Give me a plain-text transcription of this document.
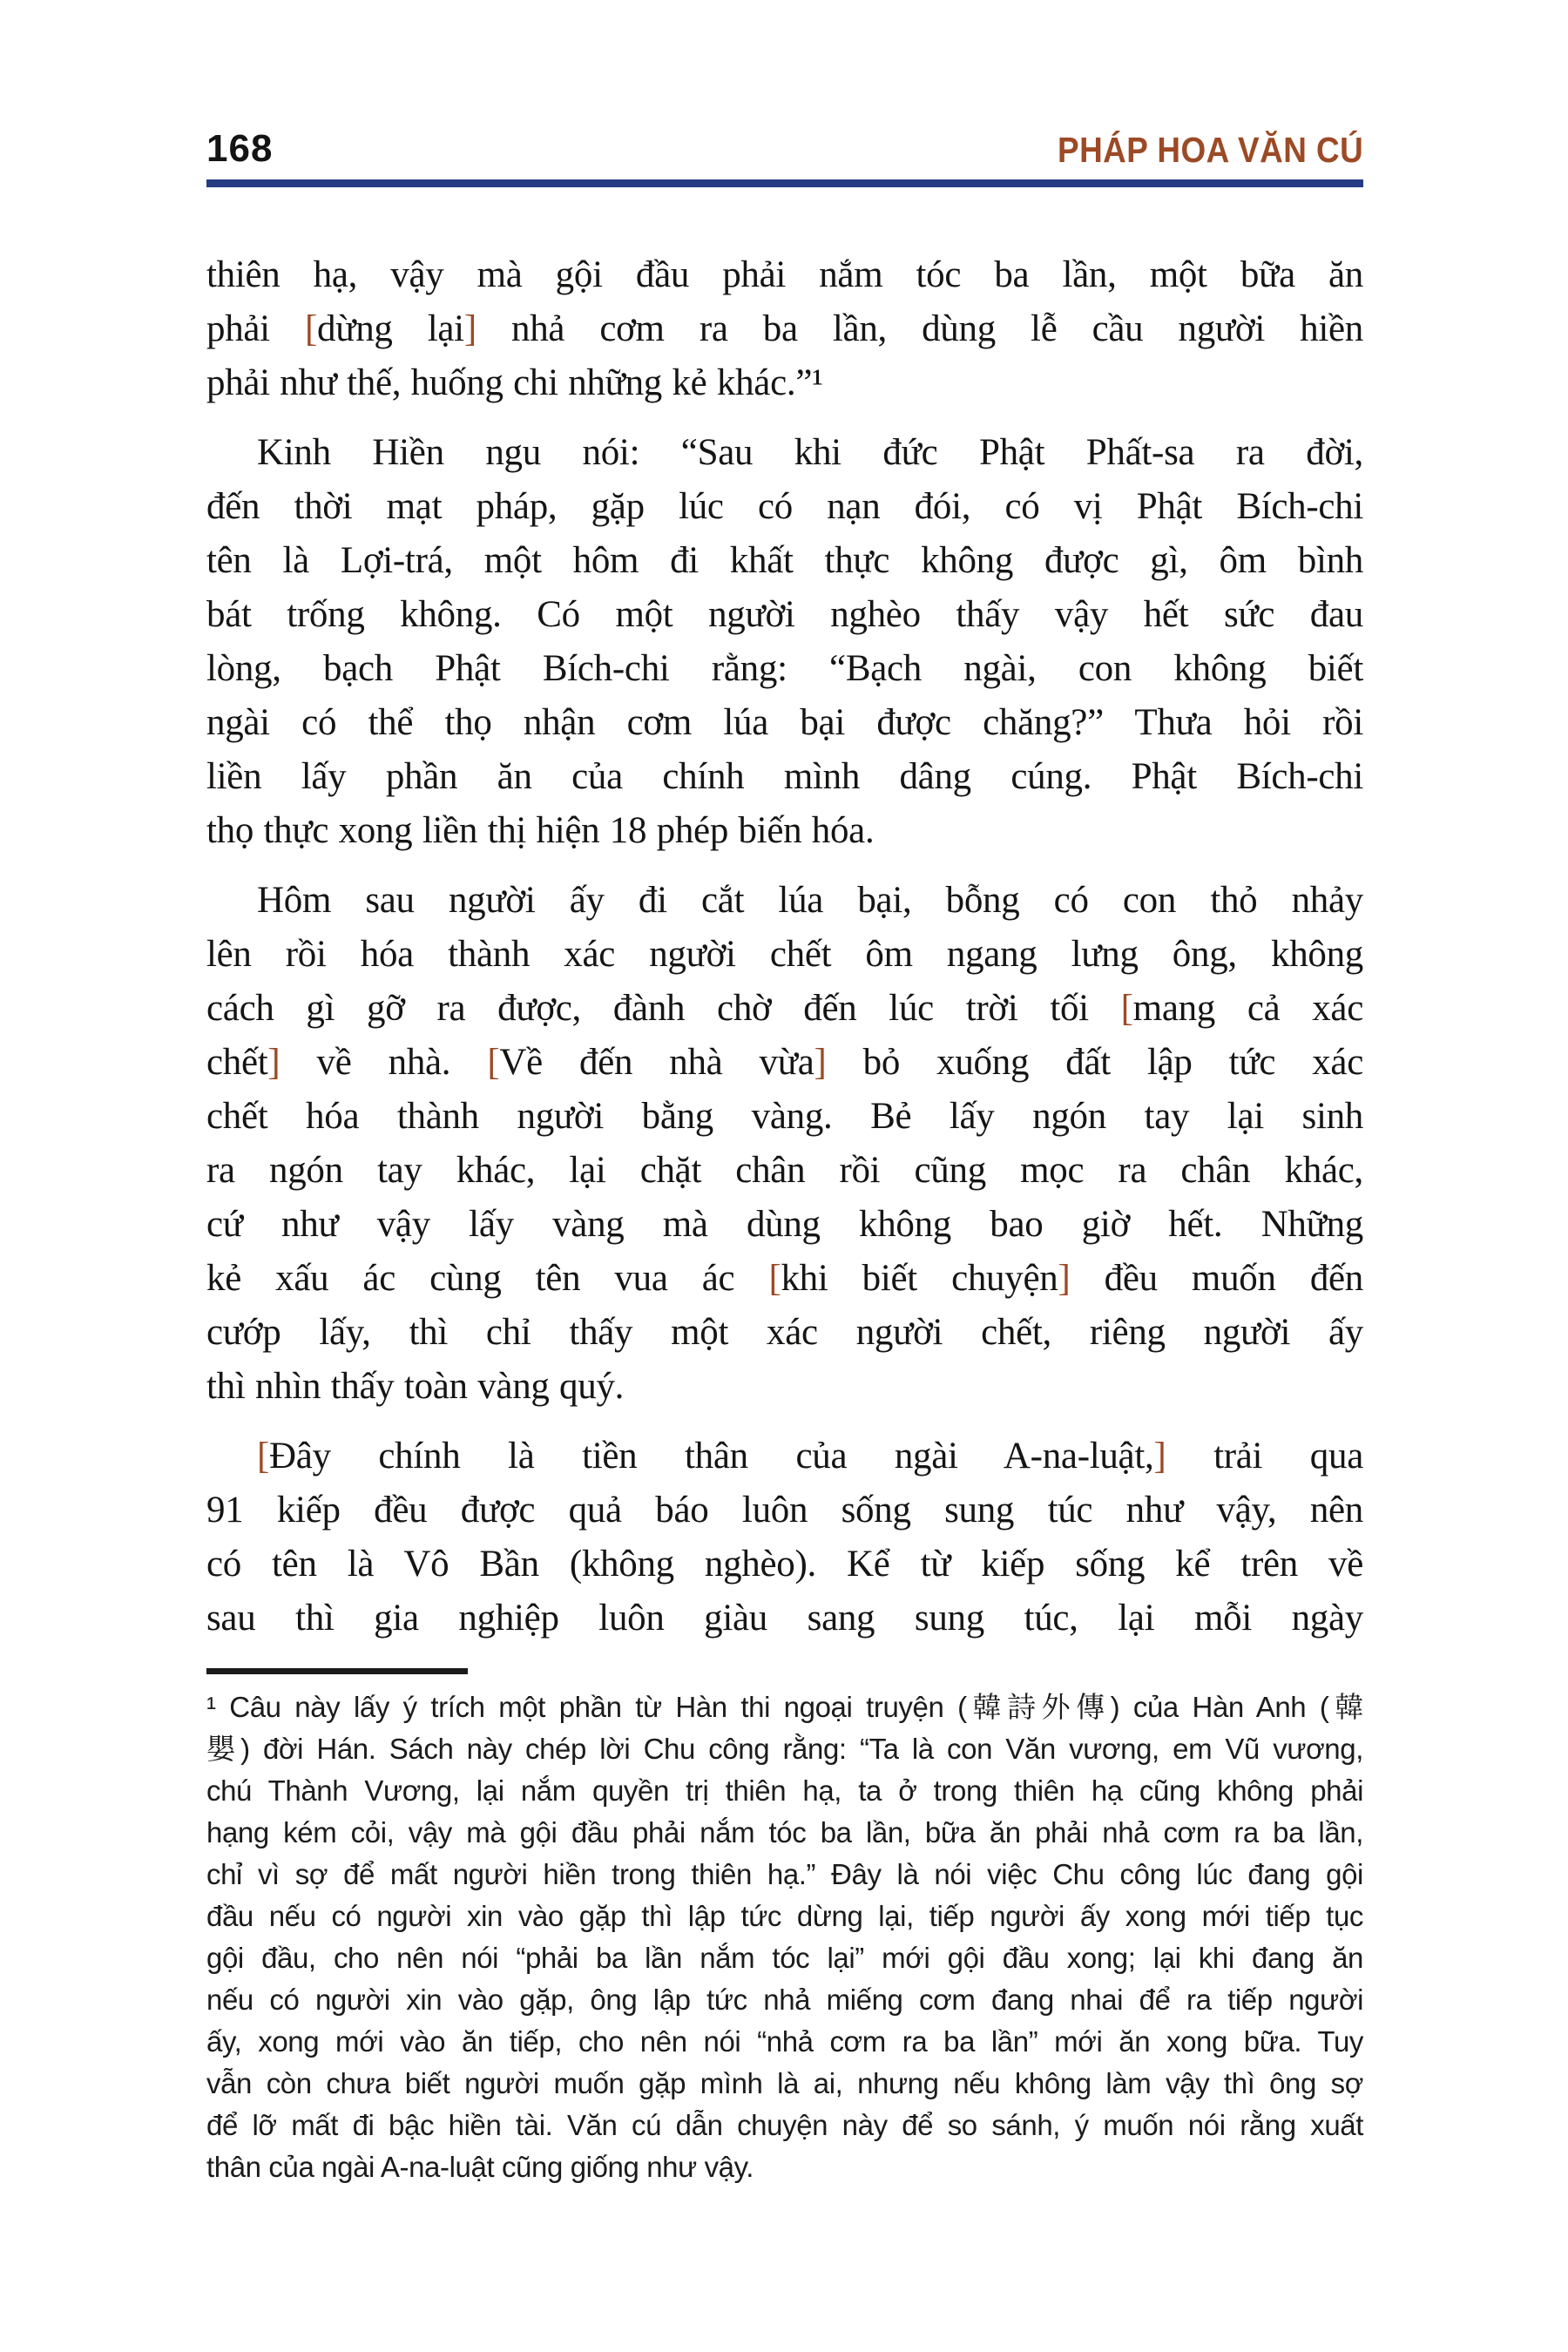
168	PHÁP HOA VĂN CÚ
thiên hạ, vậy mà gội đầu phải nắm tóc ba lần, một bữa ăn
phải [dừng lại] nhả cơm ra ba lần, dùng lễ cầu người hiền
phải như thế, huống chi những kẻ khác.”¹
Kinh Hiền ngu nói: “Sau khi đức Phật Phất-sa ra đời,
đến thời mạt pháp, gặp lúc có nạn đói, có vị Phật Bích-chi
tên là Lợi-trá, một hôm đi khất thực không được gì, ôm bình
bát trống không. Có một người nghèo thấy vậy hết sức đau
lòng, bạch Phật Bích-chi rằng: “Bạch ngài, con không biết
ngài có thể thọ nhận cơm lúa bại được chăng?” Thưa hỏi rồi
liền lấy phần ăn của chính mình dâng cúng. Phật Bích-chi
thọ thực xong liền thị hiện 18 phép biến hóa.
Hôm sau người ấy đi cắt lúa bại, bỗng có con thỏ nhảy
lên rồi hóa thành xác người chết ôm ngang lưng ông, không
cách gì gỡ ra được, đành chờ đến lúc trời tối [mang cả xác
chết] về nhà. [Về đến nhà vừa] bỏ xuống đất lập tức xác
chết hóa thành người bằng vàng. Bẻ lấy ngón tay lại sinh
ra ngón tay khác, lại chặt chân rồi cũng mọc ra chân khác,
cứ như vậy lấy vàng mà dùng không bao giờ hết. Những
kẻ xấu ác cùng tên vua ác [khi biết chuyện] đều muốn đến
cướp lấy, thì chỉ thấy một xác người chết, riêng người ấy
thì nhìn thấy toàn vàng quý.
[Đây chính là tiền thân của ngài A-na-luật,] trải qua
91 kiếp đều được quả báo luôn sống sung túc như vậy, nên
có tên là Vô Bần (không nghèo). Kể từ kiếp sống kể trên về
sau thì gia nghiệp luôn giàu sang sung túc, lại mỗi ngày
¹ Câu này lấy ý trích một phần từ Hàn thi ngoại truyện (韓詩外傳) của Hàn Anh (韓
嬰) đời Hán. Sách này chép lời Chu công rằng: “Ta là con Văn vương, em Vũ vương,
chú Thành Vương, lại nắm quyền trị thiên hạ, ta ở trong thiên hạ cũng không phải
hạng kém cỏi, vậy mà gội đầu phải nắm tóc ba lần, bữa ăn phải nhả cơm ra ba lần,
chỉ vì sợ để mất người hiền trong thiên hạ.” Đây là nói việc Chu công lúc đang gội
đầu nếu có người xin vào gặp thì lập tức dừng lại, tiếp người ấy xong mới tiếp tục
gội đầu, cho nên nói “phải ba lần nắm tóc lại” mới gội đầu xong; lại khi đang ăn
nếu có người xin vào gặp, ông lập tức nhả miếng cơm đang nhai để ra tiếp người
ấy, xong mới vào ăn tiếp, cho nên nói “nhả cơm ra ba lần” mới ăn xong bữa. Tuy
vẫn còn chưa biết người muốn gặp mình là ai, nhưng nếu không làm vậy thì ông sợ
để lỡ mất đi bậc hiền tài. Văn cú dẫn chuyện này để so sánh, ý muốn nói rằng xuất
thân của ngài A-na-luật cũng giống như vậy.
